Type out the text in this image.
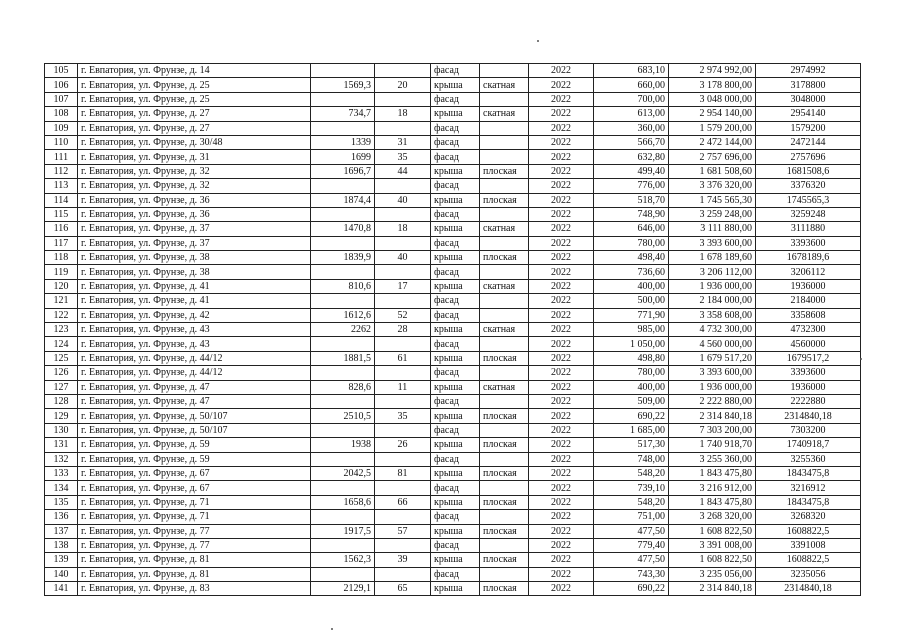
105	г. Евпатория, ул. Фрунзе, д. 14			фасад		2022	683,10	2 974 992,00	2974992
106	г. Евпатория, ул. Фрунзе, д. 25	1569,3	20	крыша	скатная	2022	660,00	3 178 800,00	3178800
107	г. Евпатория, ул. Фрунзе, д. 25			фасад		2022	700,00	3 048 000,00	3048000
108	г. Евпатория, ул. Фрунзе, д. 27	734,7	18	крыша	скатная	2022	613,00	2 954 140,00	2954140
109	г. Евпатория, ул. Фрунзе, д. 27			фасад		2022	360,00	1 579 200,00	1579200
110	г. Евпатория, ул. Фрунзе, д. 30/48	1339	31	фасад		2022	566,70	2 472 144,00	2472144
111	г. Евпатория, ул. Фрунзе, д. 31	1699	35	фасад		2022	632,80	2 757 696,00	2757696
112	г. Евпатория, ул. Фрунзе, д. 32	1696,7	44	крыша	плоская	2022	499,40	1 681 508,60	1681508,6
113	г. Евпатория, ул. Фрунзе, д. 32			фасад		2022	776,00	3 376 320,00	3376320
114	г. Евпатория, ул. Фрунзе, д. 36	1874,4	40	крыша	плоская	2022	518,70	1 745 565,30	1745565,3
115	г. Евпатория, ул. Фрунзе, д. 36			фасад		2022	748,90	3 259 248,00	3259248
116	г. Евпатория, ул. Фрунзе, д. 37	1470,8	18	крыша	скатная	2022	646,00	3 111 880,00	3111880
117	г. Евпатория, ул. Фрунзе, д. 37			фасад		2022	780,00	3 393 600,00	3393600
118	г. Евпатория, ул. Фрунзе, д. 38	1839,9	40	крыша	плоская	2022	498,40	1 678 189,60	1678189,6
119	г. Евпатория, ул. Фрунзе, д. 38			фасад		2022	736,60	3 206 112,00	3206112
120	г. Евпатория, ул. Фрунзе, д. 41	810,6	17	крыша	скатная	2022	400,00	1 936 000,00	1936000
121	г. Евпатория, ул. Фрунзе, д. 41			фасад		2022	500,00	2 184 000,00	2184000
122	г. Евпатория, ул. Фрунзе, д. 42	1612,6	52	фасад		2022	771,90	3 358 608,00	3358608
123	г. Евпатория, ул. Фрунзе, д. 43	2262	28	крыша	скатная	2022	985,00	4 732 300,00	4732300
124	г. Евпатория, ул. Фрунзе, д. 43			фасад		2022	1 050,00	4 560 000,00	4560000
125	г. Евпатория, ул. Фрунзе, д. 44/12	1881,5	61	крыша	плоская	2022	498,80	1 679 517,20	1679517,2
126	г. Евпатория, ул. Фрунзе, д. 44/12			фасад		2022	780,00	3 393 600,00	3393600
127	г. Евпатория, ул. Фрунзе, д. 47	828,6	11	крыша	скатная	2022	400,00	1 936 000,00	1936000
128	г. Евпатория, ул. Фрунзе, д. 47			фасад		2022	509,00	2 222 880,00	2222880
129	г. Евпатория, ул. Фрунзе, д. 50/107	2510,5	35	крыша	плоская	2022	690,22	2 314 840,18	2314840,18
130	г. Евпатория, ул. Фрунзе, д. 50/107			фасад		2022	1 685,00	7 303 200,00	7303200
131	г. Евпатория, ул. Фрунзе, д. 59	1938	26	крыша	плоская	2022	517,30	1 740 918,70	1740918,7
132	г. Евпатория, ул. Фрунзе, д. 59			фасад		2022	748,00	3 255 360,00	3255360
133	г. Евпатория, ул. Фрунзе, д. 67	2042,5	81	крыша	плоская	2022	548,20	1 843 475,80	1843475,8
134	г. Евпатория, ул. Фрунзе, д. 67			фасад		2022	739,10	3 216 912,00	3216912
135	г. Евпатория, ул. Фрунзе, д. 71	1658,6	66	крыша	плоская	2022	548,20	1 843 475,80	1843475,8
136	г. Евпатория, ул. Фрунзе, д. 71			фасад		2022	751,00	3 268 320,00	3268320
137	г. Евпатория, ул. Фрунзе, д. 77	1917,5	57	крыша	плоская	2022	477,50	1 608 822,50	1608822,5
138	г. Евпатория, ул. Фрунзе, д. 77			фасад		2022	779,40	3 391 008,00	3391008
139	г. Евпатория, ул. Фрунзе, д. 81	1562,3	39	крыша	плоская	2022	477,50	1 608 822,50	1608822,5
140	г. Евпатория, ул. Фрунзе, д. 81			фасад		2022	743,30	3 235 056,00	3235056
141	г. Евпатория, ул. Фрунзе, д. 83	2129,1	65	крыша	плоская	2022	690,22	2 314 840,18	2314840,18
